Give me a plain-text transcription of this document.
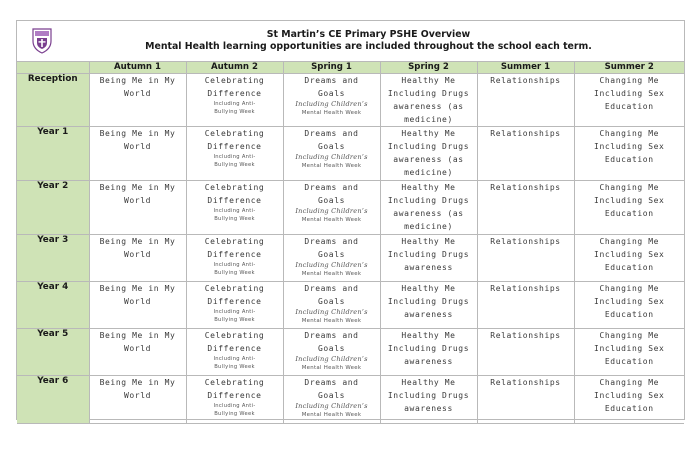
St Martin’s CE Primary PSHE Overview
Mental Health learning opportunities are included throughout the school each term.
	Autumn 1	Autumn 2	Spring 1	Spring 2	Summer 1	Summer 2
Reception	Being Me in My
World	Celebrating
Difference
Including Anti-
Bullying Week	Dreams and
Goals
Including Children’s
Mental Health Week	Healthy Me
Including Drugs
awareness (as
medicine)	Relationships	Changing Me
Including Sex
Education

Year 1	Being Me in My
World	Celebrating
Difference
Including Anti-
Bullying Week	Dreams and
Goals
Including Children’s
Mental Health Week	Healthy Me
Including Drugs
awareness (as
medicine)	Relationships	Changing Me
Including Sex
Education

Year 2	Being Me in My
World	Celebrating
Difference
Including Anti-
Bullying Week	Dreams and
Goals
Including Children’s
Mental Health Week	Healthy Me
Including Drugs
awareness (as
medicine)	Relationships	Changing Me
Including Sex
Education

Year 3	Being Me in My
World	Celebrating
Difference
Including Anti-
Bullying Week	Dreams and
Goals
Including Children’s
Mental Health Week	Healthy Me
Including Drugs
awareness	Relationships	Changing Me
Including Sex
Education

Year 4	Being Me in My
World	Celebrating
Difference
Including Anti-
Bullying Week	Dreams and
Goals
Including Children’s
Mental Health Week	Healthy Me
Including Drugs
awareness	Relationships	Changing Me
Including Sex
Education

Year 5	Being Me in My
World	Celebrating
Difference
Including Anti-
Bullying Week	Dreams and
Goals
Including Children’s
Mental Health Week	Healthy Me
Including Drugs
awareness	Relationships	Changing Me
Including Sex
Education

Year 6	Being Me in My
World	Celebrating
Difference
Including Anti-
Bullying Week	Dreams and
Goals
Including Children’s
Mental Health Week	Healthy Me
Including Drugs
awareness	Relationships	Changing Me
Including Sex
Education
